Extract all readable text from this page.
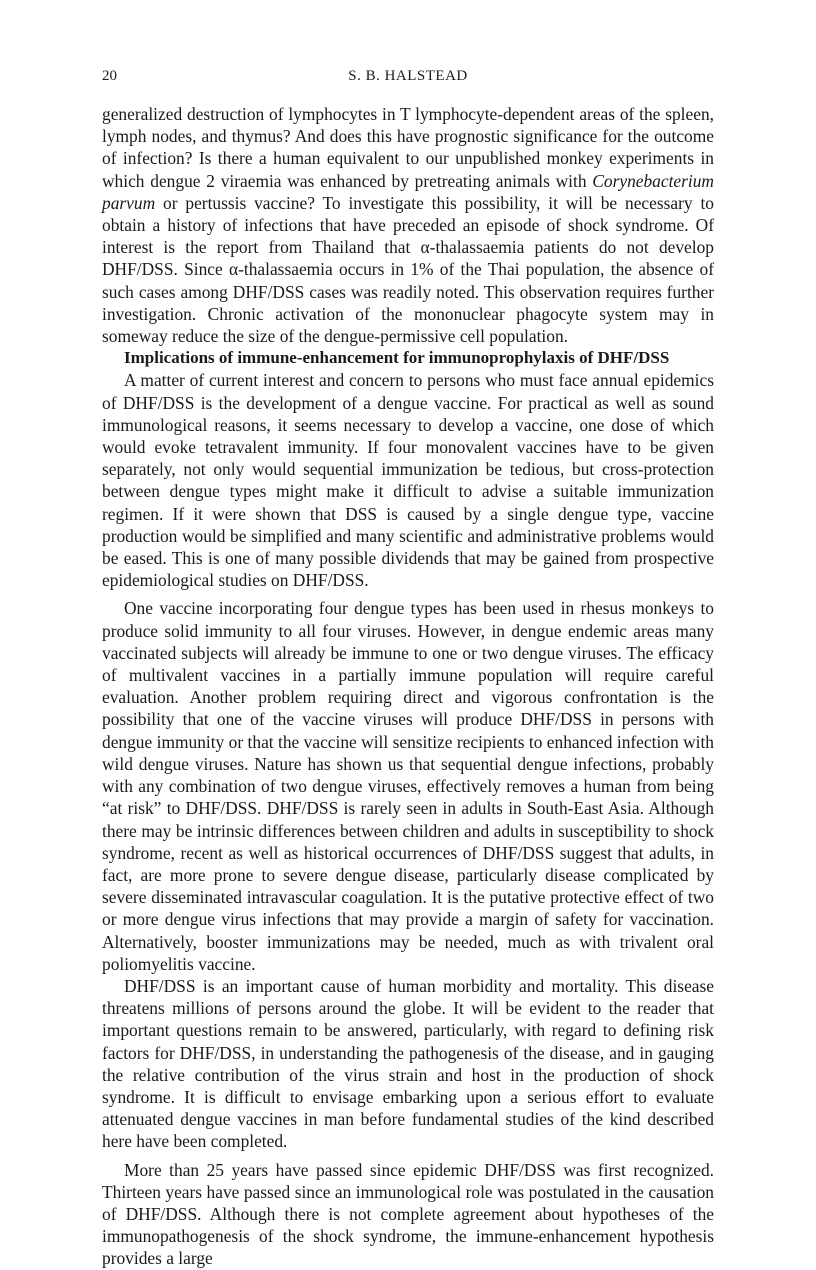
20	S. B. HALSTEAD

generalized destruction of lymphocytes in T lymphocyte-dependent areas of the spleen, lymph nodes, and thymus? And does this have prognostic significance for the outcome of infection? Is there a human equivalent to our unpublished monkey experiments in which dengue 2 viraemia was enhanced by pretreating animals with Corynebacterium parvum or pertussis vaccine? To investigate this possibility, it will be necessary to obtain a history of infections that have preceded an episode of shock syndrome. Of interest is the report from Thailand that α-thalassaemia patients do not develop DHF/DSS. Since α-thalassaemia occurs in 1% of the Thai population, the absence of such cases among DHF/DSS cases was readily noted. This observation requires further investigation. Chronic activation of the mononuclear phagocyte system may in someway reduce the size of the dengue-permissive cell population.

Implications of immune-enhancement for immunoprophylaxis of DHF/DSS

A matter of current interest and concern to persons who must face annual epidemics of DHF/DSS is the development of a dengue vaccine. For practical as well as sound immunological reasons, it seems necessary to develop a vaccine, one dose of which would evoke tetravalent immunity. If four monovalent vaccines have to be given separately, not only would sequential immunization be tedious, but cross-protection between dengue types might make it difficult to advise a suitable immunization regimen. If it were shown that DSS is caused by a single dengue type, vaccine production would be simplified and many scientific and administrative problems would be eased. This is one of many possible dividends that may be gained from prospective epidemiological studies on DHF/DSS.

One vaccine incorporating four dengue types has been used in rhesus monkeys to produce solid immunity to all four viruses. However, in dengue endemic areas many vaccinated subjects will already be immune to one or two dengue viruses. The efficacy of multivalent vaccines in a partially immune population will require careful evaluation. Another problem requiring direct and vigorous confrontation is the possibility that one of the vaccine viruses will produce DHF/DSS in persons with dengue immunity or that the vaccine will sensitize recipients to enhanced infection with wild dengue viruses. Nature has shown us that sequential dengue infections, probably with any combination of two dengue viruses, effectively removes a human from being “at risk” to DHF/DSS. DHF/DSS is rarely seen in adults in South-East Asia. Although there may be intrinsic differences between children and adults in susceptibility to shock syndrome, recent as well as historical occurrences of DHF/DSS suggest that adults, in fact, are more prone to severe dengue disease, particularly disease complicated by severe disseminated intravascular coagulation. It is the putative protective effect of two or more dengue virus infections that may provide a margin of safety for vaccination. Alternatively, booster immunizations may be needed, much as with trivalent oral poliomyelitis vaccine.

DHF/DSS is an important cause of human morbidity and mortality. This disease threatens millions of persons around the globe. It will be evident to the reader that important questions remain to be answered, particularly, with regard to defining risk factors for DHF/DSS, in understanding the pathogenesis of the disease, and in gauging the relative contribution of the virus strain and host in the production of shock syndrome. It is difficult to envisage embarking upon a serious effort to evaluate attenuated dengue vaccines in man before fundamental studies of the kind described here have been completed.

More than 25 years have passed since epidemic DHF/DSS was first recognized. Thirteen years have passed since an immunological role was postulated in the causation of DHF/DSS. Although there is not complete agreement about hypotheses of the immunopathogenesis of the shock syndrome, the immune-enhancement hypothesis provides a large
